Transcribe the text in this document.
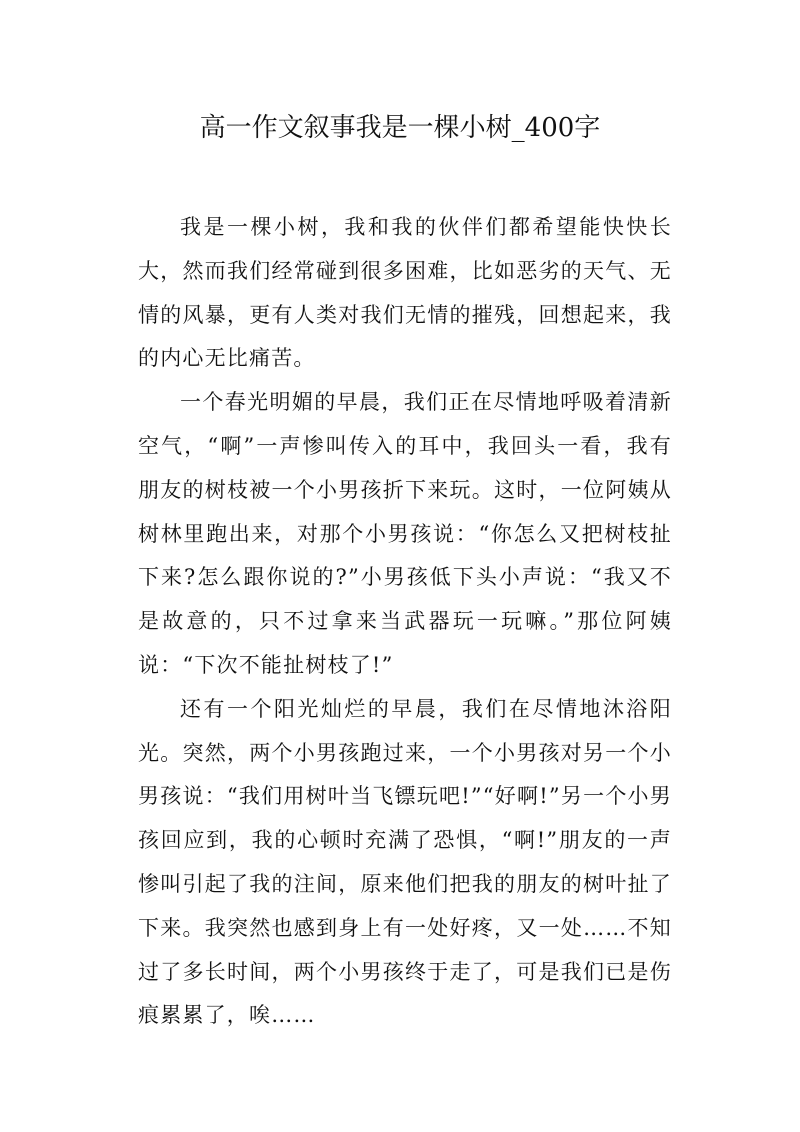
高一作文叙事我是一棵小树_400字

我是一棵小树，我和我的伙伴们都希望能快快长大，然而我们经常碰到很多困难，比如恶劣的天气、无情的风暴，更有人类对我们无情的摧残，回想起来，我的内心无比痛苦。

一个春光明媚的早晨，我们正在尽情地呼吸着清新空气，“啊”一声惨叫传入的耳中，我回头一看，我有朋友的树枝被一个小男孩折下来玩。这时，一位阿姨从树林里跑出来，对那个小男孩说：“你怎么又把树枝扯下来?怎么跟你说的?”小男孩低下头小声说：“我又不是故意的，只不过拿来当武器玩一玩嘛。”那位阿姨说：“下次不能扯树枝了!”

还有一个阳光灿烂的早晨，我们在尽情地沐浴阳光。突然，两个小男孩跑过来，一个小男孩对另一个小男孩说：“我们用树叶当飞镖玩吧!”“好啊!”另一个小男孩回应到，我的心顿时充满了恐惧，“啊!”朋友的一声惨叫引起了我的注间，原来他们把我的朋友的树叶扯了下来。我突然也感到身上有一处好疼，又一处……不知过了多长时间，两个小男孩终于走了，可是我们已是伤痕累累了，唉……
